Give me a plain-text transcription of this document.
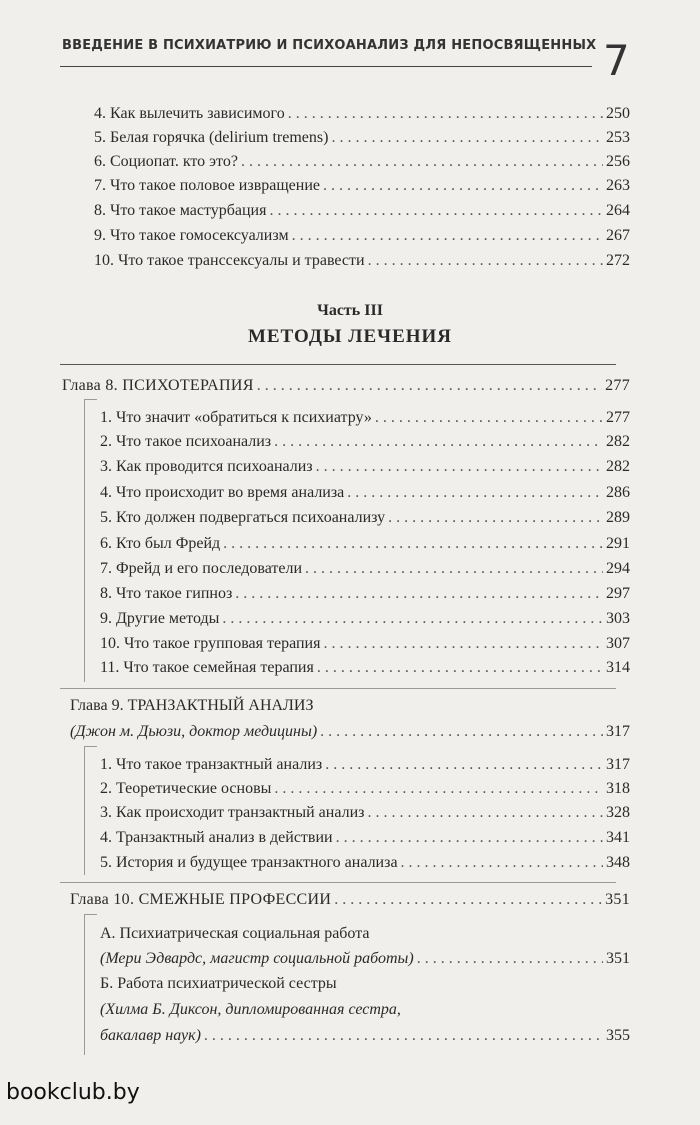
ВВЕДЕНИЕ В ПСИХИАТРИЮ И ПСИХОАНАЛИЗ ДЛЯ НЕПОСВЯЩЕННЫХ 7
4. Как вылечить зависимого . . .	250
5. Белая горячка (delirium tremens) . . .	253
6. Социопат. кто это? . . .	256
7. Что такое половое извращение . . .	263
8. Что такое мастурбация . . .	264
9. Что такое гомосексуализм . . .	267
10. Что такое транссексуалы и травести . . .	272
Часть III
МЕТОДЫ ЛЕЧЕНИЯ
Глава 8. ПСИХОТЕРАПИЯ . . .	277
1. Что значит «обратиться к психиатру» . . .	277
2. Что такое психоанализ . . .	282
3. Как проводится психоанализ . . .	282
4. Что происходит во время анализа . . .	286
5. Кто должен подвергаться психоанализу . . .	289
6. Кто был Фрейд . . .	291
7. Фрейд и его последователи . . .	294
8. Что такое гипноз . . .	297
9. Другие методы . . .	303
10. Что такое групповая терапия . . .	307
11. Что такое семейная терапия . . .	314
Глава 9. ТРАНЗАКТНЫЙ АНАЛИЗ
(Джон м. Дьюзи, доктор медицины) . . .	317
1. Что такое транзактный анализ . . .	317
2. Теоретические основы . . .	318
3. Как происходит транзактный анализ . . .	328
4. Транзактный анализ в действии . . .	341
5. История и будущее транзактного анализа . . .	348
Глава 10. СМЕЖНЫЕ ПРОФЕССИИ . . .	351
А. Психиатрическая социальная работа
(Мери Эдвардс, магистр социальной работы) . . .	351
Б. Работа психиатрической сестры
(Хилма Б. Диксон, дипломированная сестра,
бакалавр наук) . . .	355
bookclub.by
